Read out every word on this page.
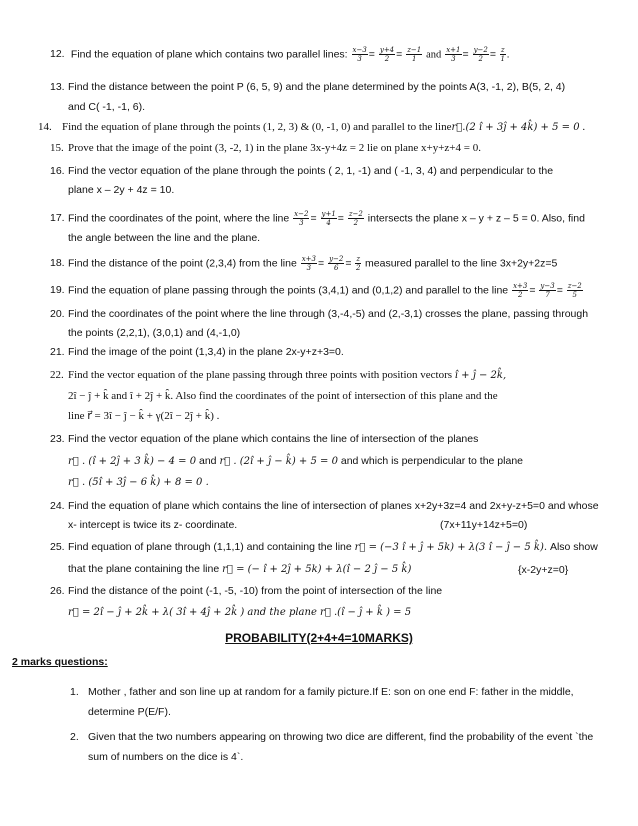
12. Find the equation of plane which contains two parallel lines: $\frac{x-3}{3} = \frac{y+4}{2} = \frac{z-1}{1}$ and $\frac{x+1}{3} = \frac{y-2}{2} = \frac{z}{1}$ .
13. Find the distance between the point P (6, 5, 9) and the plane determined by the points A(3, -1, 2), B(5, 2, 4)
and C( -1, -1, 6).
14. Find the equation of plane through the points (1, 2, 3) & (0, -1, 0) and parallel to the liner⃗.(2 î + 3ĵ + 4k̂) + 5 = 0 .
15. Prove that the image of the point (3, -2, 1) in the plane 3x-y+4z = 2 lie on plane x+y+z+4 = 0.
16. Find the vector equation of the plane through the points ( 2, 1, -1) and ( -1, 3, 4) and perpendicular to the
plane x – 2y + 4z = 10.
17. Find the coordinates of the point, where the line $\frac{x-2}{3} = \frac{y+1}{4} = \frac{z-2}{2}$ intersects the plane x – y + z – 5 = 0. Also, find
the angle between the line and the plane.
18. Find the distance of the point (2,3,4) from the line $\frac{x+3}{3} = \frac{y-2}{6} = \frac{z}{2}$ measured parallel to the line 3x+2y+2z=5
19. Find the equation of plane passing through the points (3,4,1) and (0,1,2) and parallel to the line $\frac{x+3}{2} = \frac{y-3}{7} = \frac{z-2}{5}$
20. Find the coordinates of the point where the line through (3,-4,-5) and (2,-3,1) crosses the plane, passing through
the points (2,2,1), (3,0,1) and (4,-1,0)
21. Find the image of the point (1,3,4) in the plane 2x-y+z+3=0.
22. Find the vector equation of the plane passing through three points with position vectors î + ĵ − 2k̂,
2î − ĵ + k̂ and î + 2ĵ + k̂. Also find the coordinates of the point of intersection of this plane and the
line r⃗ = 3î − ĵ − k̂ + γ(2î − 2ĵ + k̂) .
23. Find the vector equation of the plane which contains the line of intersection of the planes
r⃗ . (î + 2ĵ + 3 k̂) − 4 = 0 and r⃗ . (2î + ĵ − k̂) + 5 = 0 and which is perpendicular to the plane
r⃗ . (5î + 3ĵ − 6 k̂) + 8 = 0 .
24. Find the equation of plane which contains the line of intersection of planes x+2y+3z=4 and 2x+y-z+5=0 and whose
x- intercept is twice its z- coordinate.	(7x+11y+14z+5=0)
25. Find equation of plane through (1,1,1) and containing the line r⃗ = (−3 î + ĵ + 5k) + λ(3 î − ĵ − 5 k̂). Also show
that the plane containing the line r⃗ = (− î + 2ĵ + 5k) + λ(î − 2 ĵ − 5 k̂)	{x-2y+z=0}
26. Find the distance of the point (-1, -5, -10) from the point of intersection of the line
r⃗ = 2î − ĵ + 2k̂ + λ( 3î + 4ĵ + 2k̂ ) and the plane r⃗ .(î − ĵ + k̂ ) = 5
PROBABILITY(2+4+4=10MARKS)
2 marks questions:
1. Mother , father and son line up at random for a family picture.If E: son on one end F: father in the middle,
determine P(E/F).
2. Given that the two numbers appearing on throwing two dice are different, find the probability of the event `the
sum of numbers on the dice is 4`.
